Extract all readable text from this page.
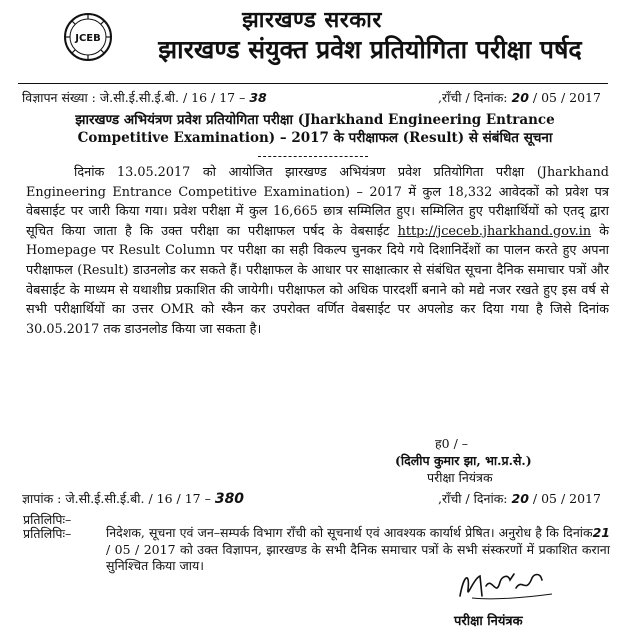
JCEB
झारखण्ड सरकार
झारखण्ड संयुक्त प्रवेश प्रतियोगिता परीक्षा पर्षद
विज्ञापन संख्या : जे.सी.ई.सी.ई.बी. / 16 / 17 – 38	,राँची / दिनांक: 20 / 05 / 2017
झारखण्ड अभियंत्रण प्रवेश प्रतियोगिता परीक्षा (Jharkhand Engineering Entrance
Competitive Examination) – 2017 के परीक्षाफल (Result) से संबंधित सूचना

दिनांक 13.05.2017 को आयोजित झारखण्ड अभियंत्रण प्रवेश प्रतियोगिता परीक्षा (Jharkhand Engineering Entrance Competitive Examination) – 2017 में कुल 18,332 आवेदकों को प्रवेश पत्र वेबसाईट पर जारी किया गया। प्रवेश परीक्षा में कुल 16,665 छात्र सम्मिलित हुए। सम्मिलित हुए परीक्षार्थियों को एतद् द्वारा सूचित किया जाता है कि उक्त परीक्षा का परीक्षाफल पर्षद के वेबसाईट http://jceceb.jharkhand.gov.in के Homepage पर Result Column पर परीक्षा का सही विकल्प चुनकर दिये गये दिशानिर्देशों का पालन करते हुए अपना परीक्षाफल (Result) डाउनलोड कर सकते हैं। परीक्षाफल के आधार पर साक्षात्कार से संबंधित सूचना दैनिक समाचार पत्रों और वेबसाईट के माध्यम से यथाशीघ्र प्रकाशित की जायेगी। परीक्षाफल को अधिक पारदर्शी बनाने को मद्ये नजर रखते हुए इस वर्ष से सभी परीक्षार्थियों का उत्तर OMR को स्कैन कर उपरोक्त वर्णित वेबसाईट पर अपलोड कर दिया गया है जिसे दिनांक 30.05.2017 तक डाउनलोड किया जा सकता है।

ह0 / –
(दिलीप कुमार झा, भा.प्र.से.)
परीक्षा नियंत्रक
ज्ञापांक : जे.सी.ई.सी.ई.बी. / 16 / 17 – 380	,राँची / दिनांक: 20 / 05 / 2017
प्रतिलिपिः–
प्रतिलिपिः–	निदेशक, सूचना एवं जन–सम्पर्क विभाग राँची को सूचनार्थ एवं आवश्यक कार्यार्थ प्रेषित। अनुरोध है कि दिनांक21 / 05 / 2017 को उक्त विज्ञापन, झारखण्ड के सभी दैनिक समाचार पत्रों के सभी संस्करणों में प्रकाशित कराना सुनिश्चित किया जाय।
परीक्षा नियंत्रक
